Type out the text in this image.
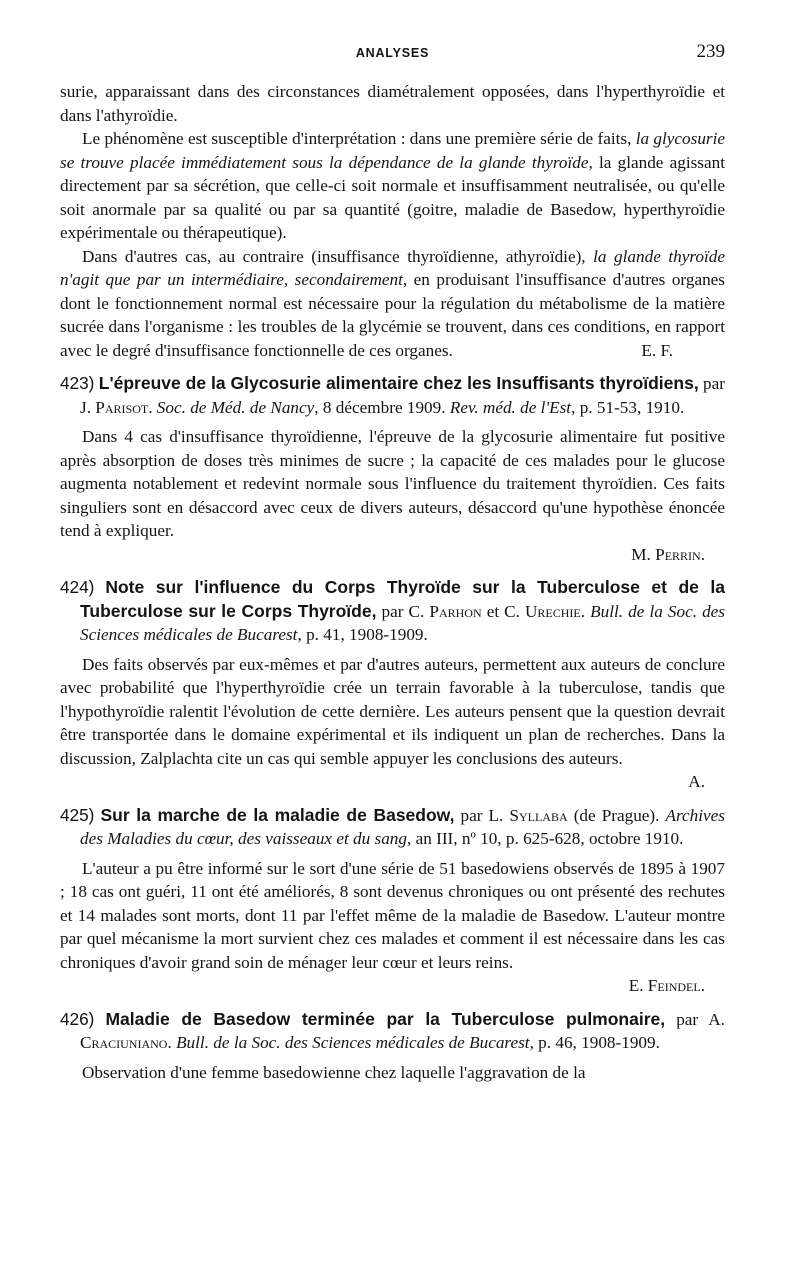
ANALYSES	239

surie, apparaissant dans des circonstances diamétralement opposées, dans l'hyperthyroïdie et dans l'athyroïdie.

Le phénomène est susceptible d'interprétation : dans une première série de faits, la glycosurie se trouve placée immédiatement sous la dépendance de la glande thyroïde, la glande agissant directement par sa sécrétion, que celle-ci soit normale et insuffisamment neutralisée, ou qu'elle soit anormale par sa qualité ou par sa quantité (goitre, maladie de Basedow, hyperthyroïdie expérimentale ou thérapeutique).

Dans d'autres cas, au contraire (insuffisance thyroïdienne, athyroïdie), la glande thyroïde n'agit que par un intermédiaire, secondairement, en produisant l'insuffisance d'autres organes dont le fonctionnement normal est nécessaire pour la régulation du métabolisme de la matière sucrée dans l'organisme : les troubles de la glycémie se trouvent, dans ces conditions, en rapport avec le degré d'insuffisance fonctionnelle de ces organes.	E. F.

423) L'épreuve de la Glycosurie alimentaire chez les Insuffisants thyroïdiens, par J. Parisot. Soc. de Méd. de Nancy, 8 décembre 1909. Rev. méd. de l'Est, p. 51-53, 1910.

Dans 4 cas d'insuffisance thyroïdienne, l'épreuve de la glycosurie alimentaire fut positive après absorption de doses très minimes de sucre ; la capacité de ces malades pour le glucose augmenta notablement et redevint normale sous l'influence du traitement thyroïdien. Ces faits singuliers sont en désaccord avec ceux de divers auteurs, désaccord qu'une hypothèse énoncée tend à expliquer.

M. Perrin.

424) Note sur l'influence du Corps Thyroïde sur la Tuberculose et de la Tuberculose sur le Corps Thyroïde, par C. Parhon et C. Urechie. Bull. de la Soc. des Sciences médicales de Bucarest, p. 41, 1908-1909.

Des faits observés par eux-mêmes et par d'autres auteurs, permettent aux auteurs de conclure avec probabilité que l'hyperthyroïdie crée un terrain favorable à la tuberculose, tandis que l'hypothyroïdie ralentit l'évolution de cette dernière. Les auteurs pensent que la question devrait être transportée dans le domaine expérimental et ils indiquent un plan de recherches. Dans la discussion, Zalplachta cite un cas qui semble appuyer les conclusions des auteurs.

A.

425) Sur la marche de la maladie de Basedow, par L. Syllaba (de Prague). Archives des Maladies du cœur, des vaisseaux et du sang, an III, nº 10, p. 625-628, octobre 1910.

L'auteur a pu être informé sur le sort d'une série de 51 basedowiens observés de 1895 à 1907 ; 18 cas ont guéri, 11 ont été améliorés, 8 sont devenus chroniques ou ont présenté des rechutes et 14 malades sont morts, dont 11 par l'effet même de la maladie de Basedow. L'auteur montre par quel mécanisme la mort survient chez ces malades et comment il est nécessaire dans les cas chroniques d'avoir grand soin de ménager leur cœur et leurs reins.

E. Feindel.

426) Maladie de Basedow terminée par la Tuberculose pulmonaire, par A. Craciuniano. Bull. de la Soc. des Sciences médicales de Bucarest, p. 46, 1908-1909.

Observation d'une femme basedowienne chez laquelle l'aggravation de la
